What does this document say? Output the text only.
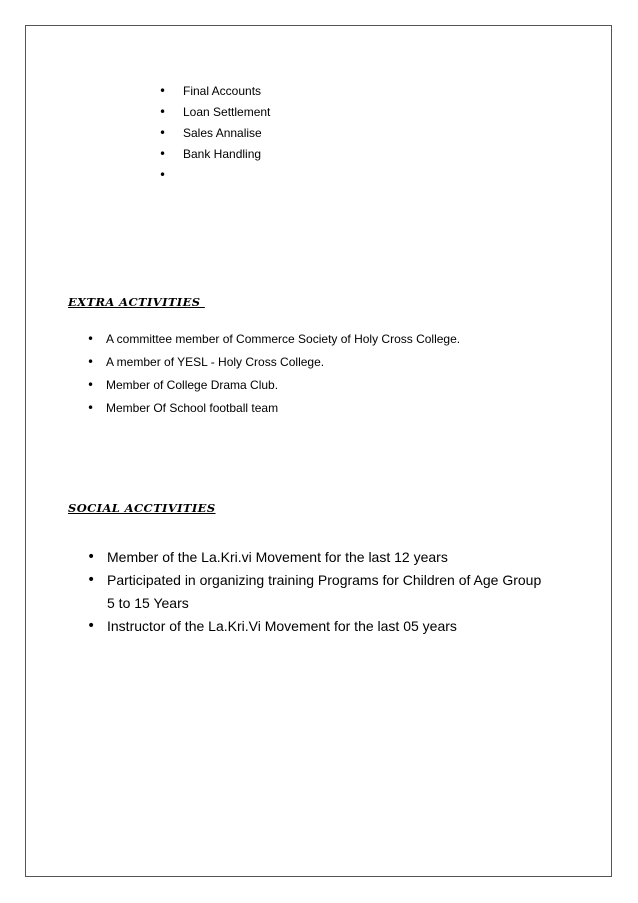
• Final Accounts
• Loan Settlement
• Sales Annalise
• Bank Handling
•
EXTRA ACTIVITIES
• A committee member of Commerce Society of Holy Cross College.
• A member of YESL - Holy Cross College.
• Member of College Drama Club.
• Member Of School football team
SOCIAL ACCTIVITIES
• Member of the La.Kri.vi Movement for the last 12 years
• Participated in organizing training Programs for Children of Age Group 5 to 15 Years
• Instructor of the La.Kri.Vi Movement for the last 05 years
